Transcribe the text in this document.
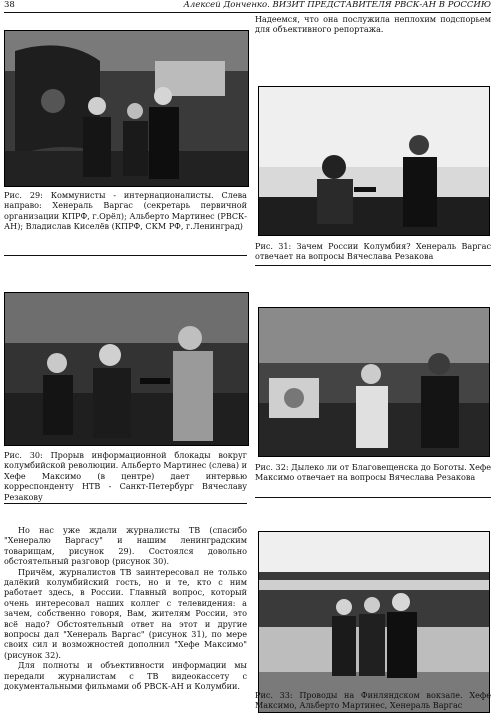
38	Алексей Донченко. ВИЗИТ ПРЕДСТАВИТЕЛЯ РВСК-АН В РОССИЮ
Рис. 29: Коммунисты - интернационалисты. Слева направо: Хенераль Варгас (секретарь первичной организации КПРФ, г.Орёл); Альберто Мартинес (РВСК-АН); Владислав Киселёв (КПРФ, СКМ РФ, г.Ленинград)
Рис. 30: Прорыв информационной блокады вокруг колумбийской революции. Альберто Мартинес (слева) и Хефе Максимо (в центре) дает интервью корреспонденту НТВ - Санкт-Петербург Вячеславу Резакову

Но нас уже ждали журналисты ТВ (спасибо "Хенералю Варгасу" и нашим ленинградским товарищам, рисунок 29). Состоялся довольно обстоятельный разговор (рисунок 30).

Причём, журналистов ТВ заинтересовал не только далёкий колумбийский гость, но и те, кто с ним работает здесь, в России. Главный вопрос, который очень интересовал наших коллег с телевидения: а зачем, собственно говоря, Вам, жителям России, это всё надо? Обстоятельный ответ на этот и другие вопросы дал "Хенераль Варгас" (рисунок 31), по мере своих сил и возможностей дополнил "Хефе Максимо" (рисунок 32).

Для полноты и объективности информации мы передали журналистам с ТВ видеокассету с документальными фильмами об РВСК-АН и Колумбии.

Надеемся, что она послужила неплохим подспорьем для объективного репортажа.
Рис. 31: Зачем России Колумбия? Хенераль Варгас отвечает на вопросы Вячеслава Резакова
Рис. 32: Дылеко ли от Благовещенска до Боготы. Хефе Максимо отвечает на вопросы Вячеслава Резакова
Рис. 33: Проводы на Финляндском вокзале. Хефе Максимо, Альберто Мартинес, Хенераль Варгас
